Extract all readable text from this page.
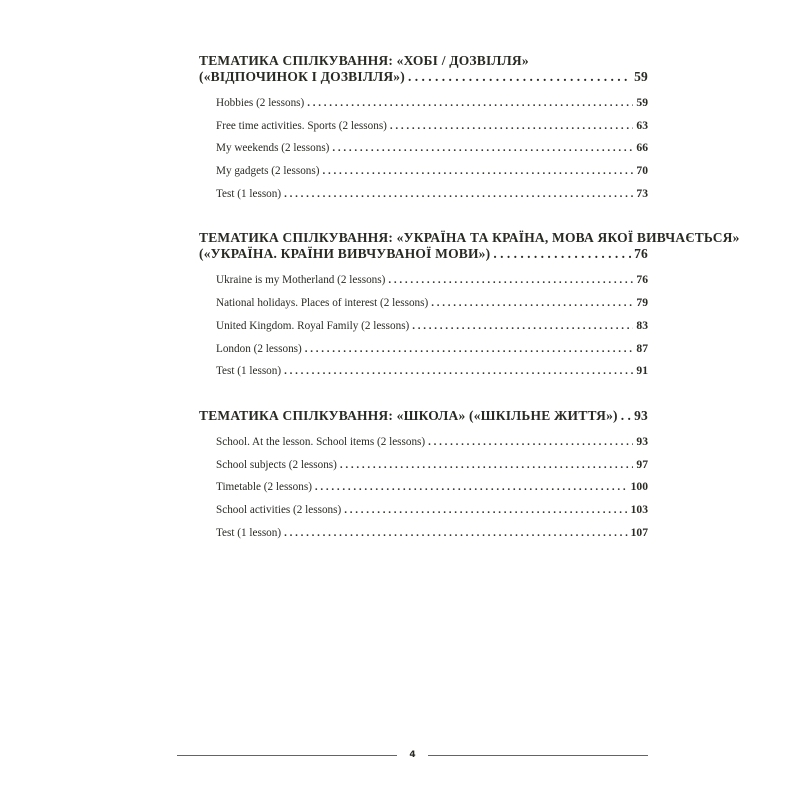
ТЕМАТИКА СПІЛКУВАННЯ: «ХОБІ / ДОЗВІЛЛЯ»
(«ВІДПОЧИНОК І ДОЗВІЛЛЯ») . . .	59
Hobbies (2 lessons) . . .	59
Free time activities. Sports (2 lessons) . . .	63
My weekends (2 lessons) . . .	66
My gadgets (2 lessons) . . .	70
Test (1 lesson) . . .	73
ТЕМАТИКА СПІЛКУВАННЯ: «УКРАЇНА ТА КРАЇНА, МОВА ЯКОЇ ВИВЧАЄТЬСЯ»
(«УКРАЇНА. КРАЇНИ ВИВЧУВАНОЇ МОВИ») . . .	76
Ukraine is my Motherland (2 lessons) . . .	76
National holidays. Places of interest (2 lessons) . . .	79
United Kingdom. Royal Family (2 lessons) . . .	83
London (2 lessons) . . .	87
Test (1 lesson) . . .	91
ТЕМАТИКА СПІЛКУВАННЯ: «ШКОЛА» («ШКІЛЬНЕ ЖИТТЯ») . . . 93
School. At the lesson. School items (2 lessons) . . .	93
School subjects (2 lessons) . . .	97
Timetable (2 lessons) . . .	100
School activities (2 lessons) . . .	103
Test (1 lesson) . . .	107
4
